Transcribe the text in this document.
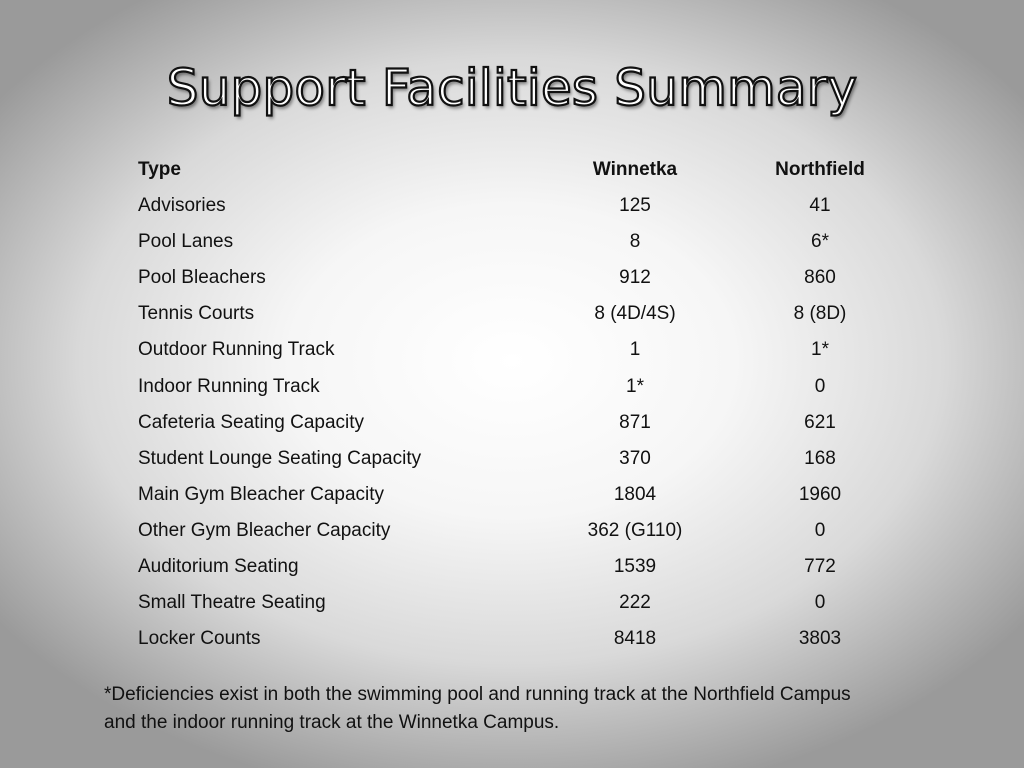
Support Facilities Summary
Type	Winnetka	Northfield
Advisories	125	41
Pool Lanes	8	6*
Pool Bleachers	912	860
Tennis Courts	8 (4D/4S)	8 (8D)
Outdoor Running Track	1	1*
Indoor Running Track	1*	0
Cafeteria Seating Capacity	871	621
Student Lounge Seating Capacity	370	168
Main Gym Bleacher Capacity	1804	1960
Other Gym Bleacher Capacity	362 (G110)	0
Auditorium Seating	1539	772
Small Theatre Seating	222	0
Locker Counts	8418	3803
*Deficiencies exist in both the swimming pool and running track at the Northfield Campus
and the indoor running track at the Winnetka Campus.
